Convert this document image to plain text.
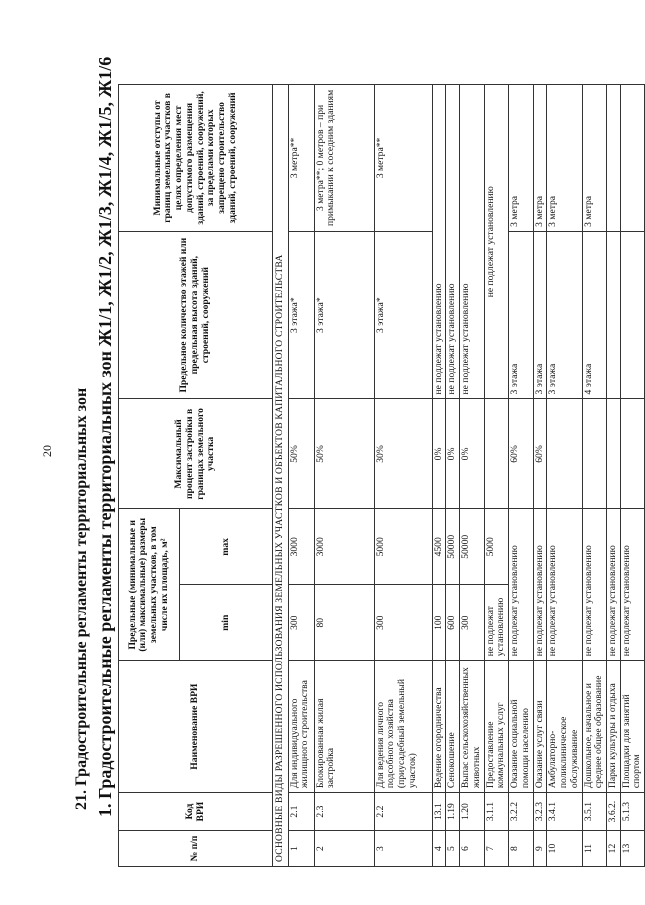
20 21. Градостроительные регламенты территориальных зон 1. Градостроительные регламенты территориальных зон Ж1/1, Ж1/2, Ж1/3, Ж1/4, Ж1/5, Ж1/6
№ п/п	Код ВРИ	Наименование ВРИ	Предельные (минимальные и (или) максимальные) размеры земельных участков, в том числе их площадь, м²		Максимальный процент застройки в границах земельного участка	Предельное количество этажей или предельная высота зданий, строений, сооружений	Минимальные отступы от границ земельных участков в целях определения мест допустимого размещения зданий, строений, сооружений, за пределами которых запрещено строительство зданий, строений, сооружений
			min	max			
ОСНОВНЫЕ ВИДЫ РАЗРЕШЕННОГО ИСПОЛЬЗОВАНИЯ ЗЕМЕЛЬНЫХ УЧАСТКОВ И ОБЪЕКТОВ КАПИТАЛЬНОГО СТРОИТЕЛЬСТВА							
1	2.1	Для индивидуального жилищного строительства	300	3000	50%	3 этажа*	3 метра**
2	2.3	Блокированная жилая застройка	80	3000	50%	3 этажа*	3 метра**; 0 метров – при примыкании к соседним зданиям
3	2.2	Для ведения личного подсобного хозяйства (приусадебный земельный участок)	300	5000	30%	3 этажа*	3 метра**
4	13.1	Ведение огородничества	100	4500	0%	не подлежат установлению	
5	1.19	Сенокошение	600	50000	0%	не подлежат установлению	
6	1.20	Выпас сельскохозяйственных животных	300	50000	0%	не подлежат установлению	
7	3.1.1	Предоставление коммунальных услуг	не подлежат установлению	5000		не подлежат установлению	
8	3.2.2	Оказание социальной помощи населению	не подлежат установлению		60%	3 этажа	3 метра
9	3.2.3	Оказание услуг связи	не подлежат установлению		60%	3 этажа	3 метра
10	3.4.1	Амбулаторно-поликлиническое обслуживание	не подлежат установлению			3 этажа	3 метра
11	3.5.1	Дошкольное, начальное и среднее общее образование	не подлежат установлению			4 этажа	3 метра
12	3.6.2.	Парки культуры и отдыха	не подлежат установлению				
13	5.1.3	Площадки для занятий спортом	не подлежат установлению				
